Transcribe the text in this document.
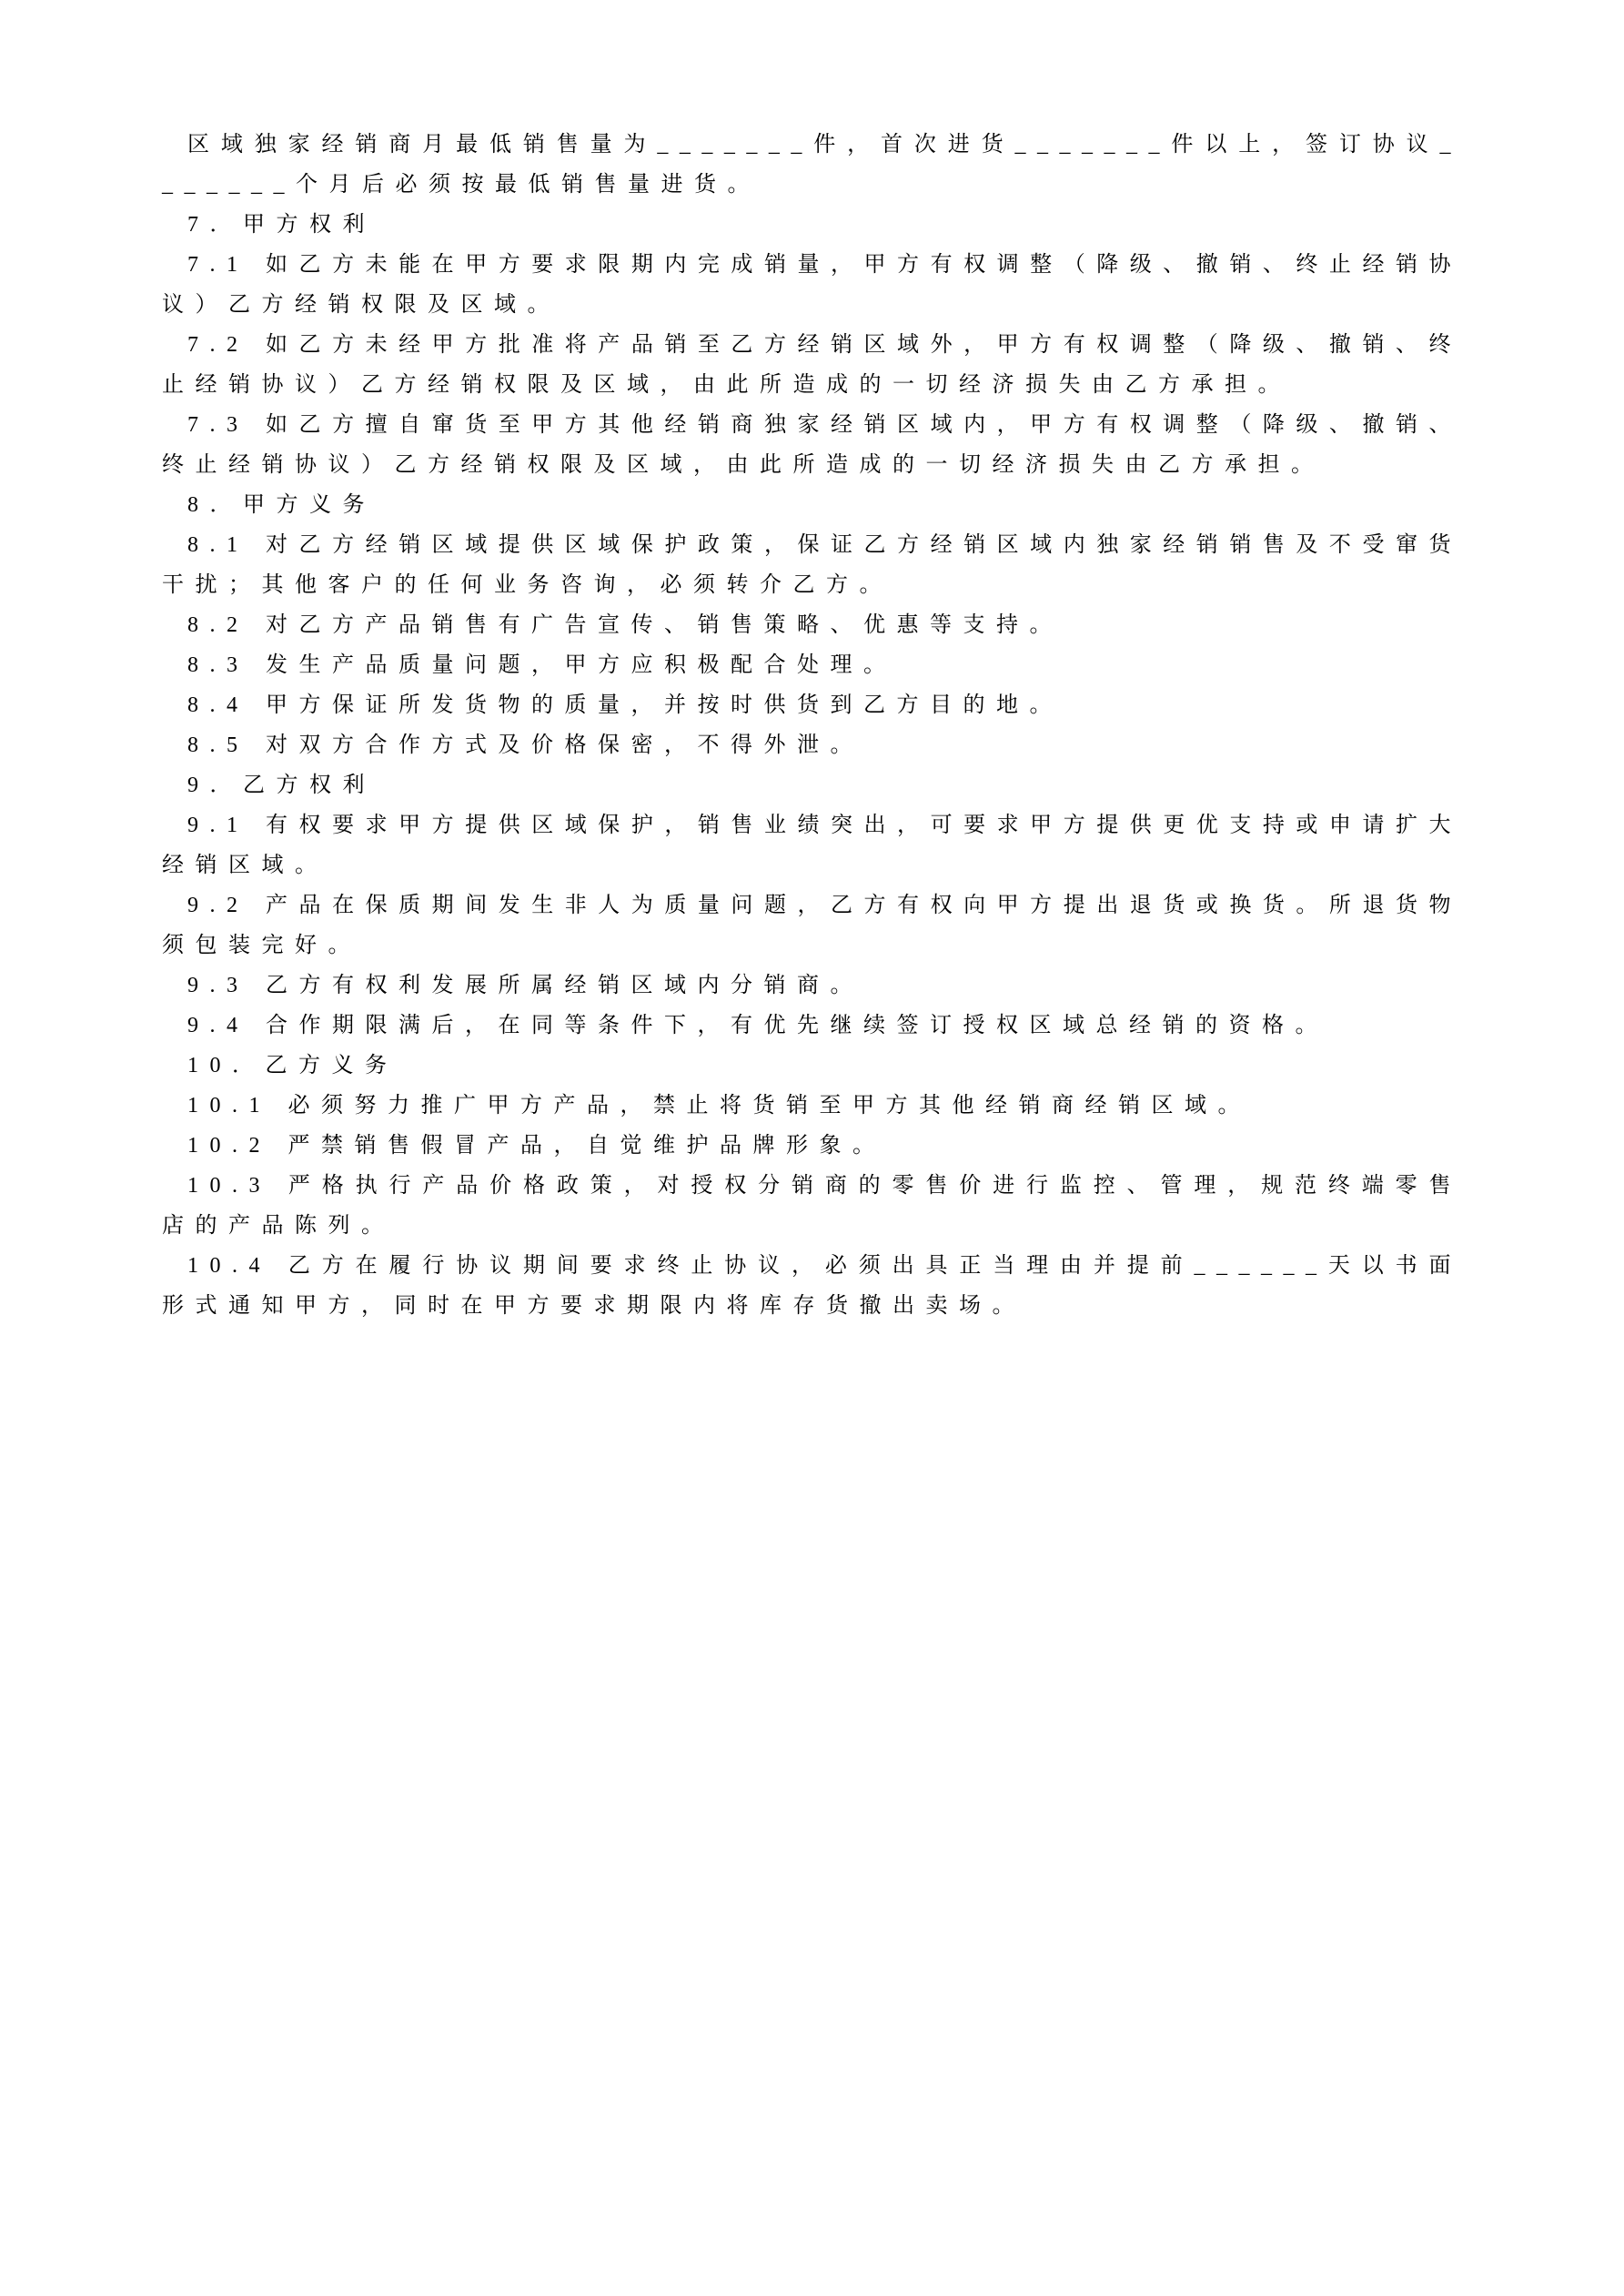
区域独家经销商月最低销售量为_______件，首次进货_______件以上，签订协议_______个月后必须按最低销售量进货。

7．甲方权利

7.1 如乙方未能在甲方要求限期内完成销量，甲方有权调整（降级、撤销、终止经销协议）乙方经销权限及区域。

7.2 如乙方未经甲方批准将产品销至乙方经销区域外，甲方有权调整（降级、撤销、终止经销协议）乙方经销权限及区域，由此所造成的一切经济损失由乙方承担。

7.3 如乙方擅自窜货至甲方其他经销商独家经销区域内，甲方有权调整（降级、撤销、终止经销协议）乙方经销权限及区域，由此所造成的一切经济损失由乙方承担。

8．甲方义务

8.1 对乙方经销区域提供区域保护政策，保证乙方经销区域内独家经销销售及不受窜货干扰；其他客户的任何业务咨询，必须转介乙方。

8.2 对乙方产品销售有广告宣传、销售策略、优惠等支持。

8.3 发生产品质量问题，甲方应积极配合处理。

8.4 甲方保证所发货物的质量，并按时供货到乙方目的地。

8.5 对双方合作方式及价格保密，不得外泄。

9．乙方权利

9.1 有权要求甲方提供区域保护，销售业绩突出，可要求甲方提供更优支持或申请扩大经销区域。

9.2 产品在保质期间发生非人为质量问题，乙方有权向甲方提出退货或换货。所退货物须包装完好。

9.3 乙方有权利发展所属经销区域内分销商。

9.4 合作期限满后，在同等条件下，有优先继续签订授权区域总经销的资格。

10．乙方义务

10.1 必须努力推广甲方产品，禁止将货销至甲方其他经销商经销区域。

10.2 严禁销售假冒产品，自觉维护品牌形象。

10.3 严格执行产品价格政策，对授权分销商的零售价进行监控、管理，规范终端零售店的产品陈列。

10.4 乙方在履行协议期间要求终止协议，必须出具正当理由并提前______天以书面形式通知甲方，同时在甲方要求期限内将库存货撤出卖场。
